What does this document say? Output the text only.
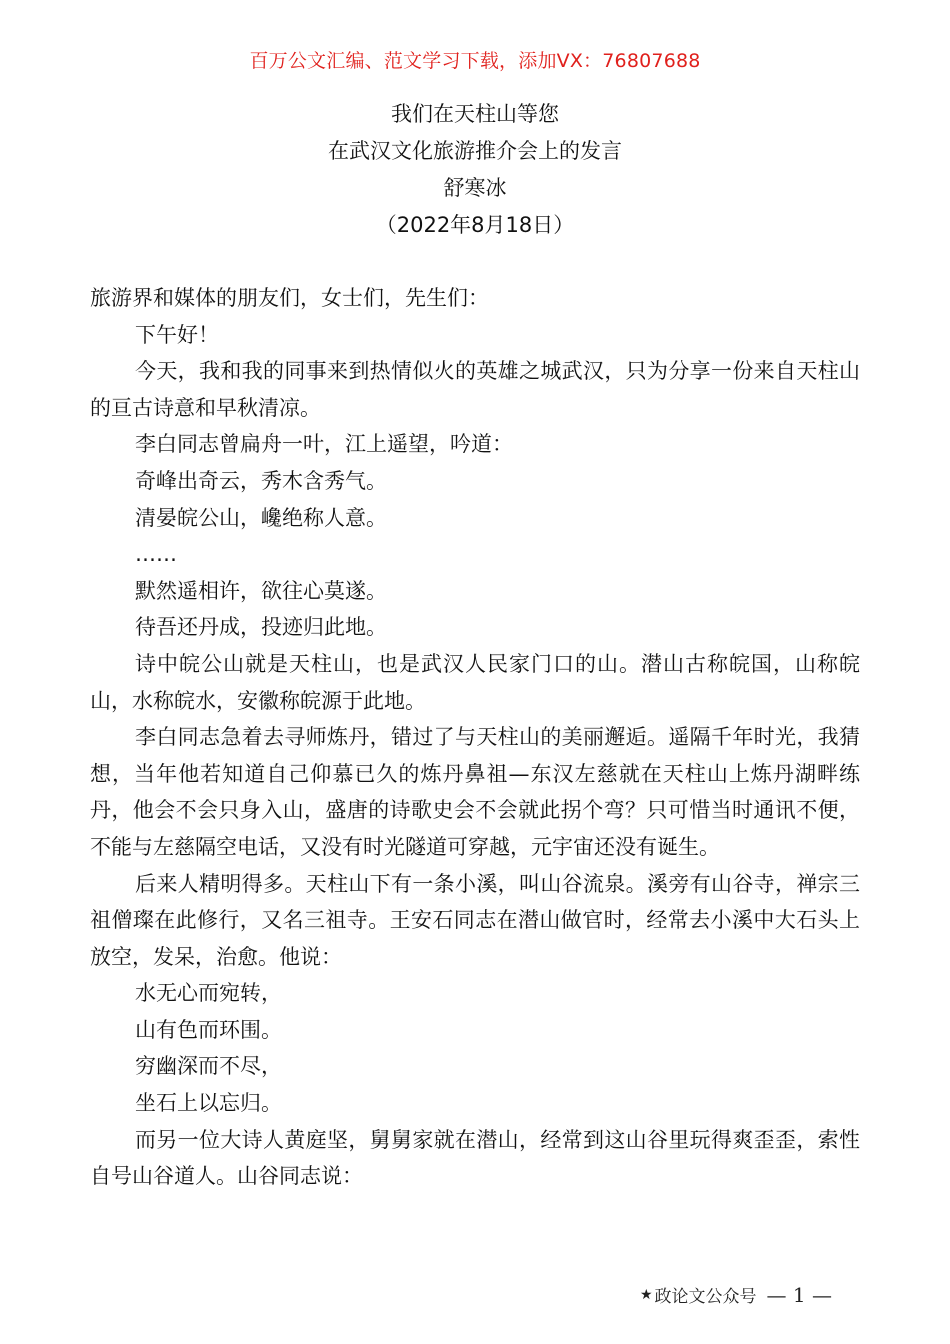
百万公文汇编、范文学习下载，添加VX：76807688
我们在天柱山等您
在武汉文化旅游推介会上的发言
舒寒冰
（2022年8月18日）

旅游界和媒体的朋友们，女士们，先生们：

下午好！

今天，我和我的同事来到热情似火的英雄之城武汉，只为分享一份来自天柱山的亘古诗意和早秋清凉。

李白同志曾扁舟一叶，江上遥望，吟道：

奇峰出奇云，秀木含秀气。

清晏皖公山，巉绝称人意。

……

默然遥相许，欲往心莫遂。

待吾还丹成，投迹归此地。

诗中皖公山就是天柱山，也是武汉人民家门口的山。潜山古称皖国，山称皖山，水称皖水，安徽称皖源于此地。

李白同志急着去寻师炼丹，错过了与天柱山的美丽邂逅。遥隔千年时光，我猜想，当年他若知道自己仰慕已久的炼丹鼻祖—东汉左慈就在天柱山上炼丹湖畔练丹，他会不会只身入山，盛唐的诗歌史会不会就此拐个弯？只可惜当时通讯不便，不能与左慈隔空电话，又没有时光隧道可穿越，元宇宙还没有诞生。

后来人精明得多。天柱山下有一条小溪，叫山谷流泉。溪旁有山谷寺，禅宗三祖僧璨在此修行，又名三祖寺。王安石同志在潜山做官时，经常去小溪中大石头上放空，发呆，治愈。他说：

水无心而宛转，

山有色而环围。

穷幽深而不尽，

坐石上以忘归。

而另一位大诗人黄庭坚，舅舅家就在潜山，经常到这山谷里玩得爽歪歪，索性自号山谷道人。山谷同志说：

★ 政论文公众号 — 1 —
